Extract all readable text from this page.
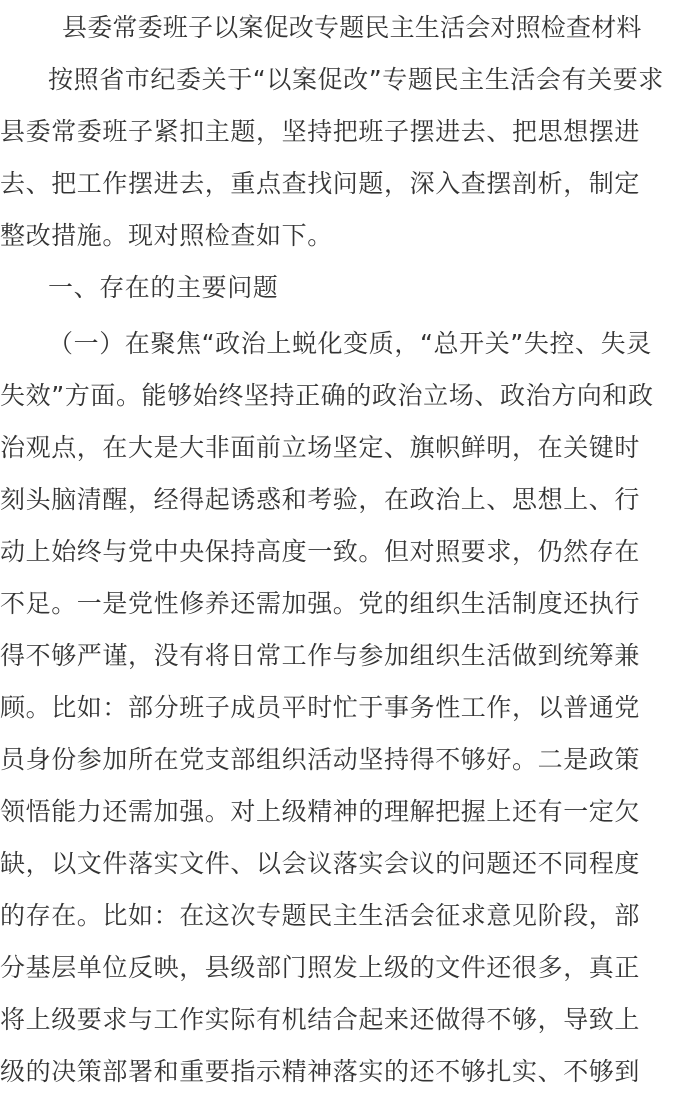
县委常委班子以案促改专题民主生活会对照检查材料
按照省市纪委关于“以案促改”专题民主生活会有关要求
县委常委班子紧扣主题，坚持把班子摆进去、把思想摆进
去、把工作摆进去，重点查找问题，深入查摆剖析，制定
整改措施。现对照检查如下。
一、存在的主要问题
（一）在聚焦“政治上蜕化变质，“总开关”失控、失灵
失效”方面。能够始终坚持正确的政治立场、政治方向和政
治观点，在大是大非面前立场坚定、旗帜鲜明，在关键时
刻头脑清醒，经得起诱惑和考验，在政治上、思想上、行
动上始终与党中央保持高度一致。但对照要求，仍然存在
不足。一是党性修养还需加强。党的组织生活制度还执行
得不够严谨，没有将日常工作与参加组织生活做到统筹兼
顾。比如：部分班子成员平时忙于事务性工作，以普通党
员身份参加所在党支部组织活动坚持得不够好。二是政策
领悟能力还需加强。对上级精神的理解把握上还有一定欠
缺，以文件落实文件、以会议落实会议的问题还不同程度
的存在。比如：在这次专题民主生活会征求意见阶段，部
分基层单位反映，县级部门照发上级的文件还很多，真正
将上级要求与工作实际有机结合起来还做得不够，导致上
级的决策部署和重要指示精神落实的还不够扎实、不够到
